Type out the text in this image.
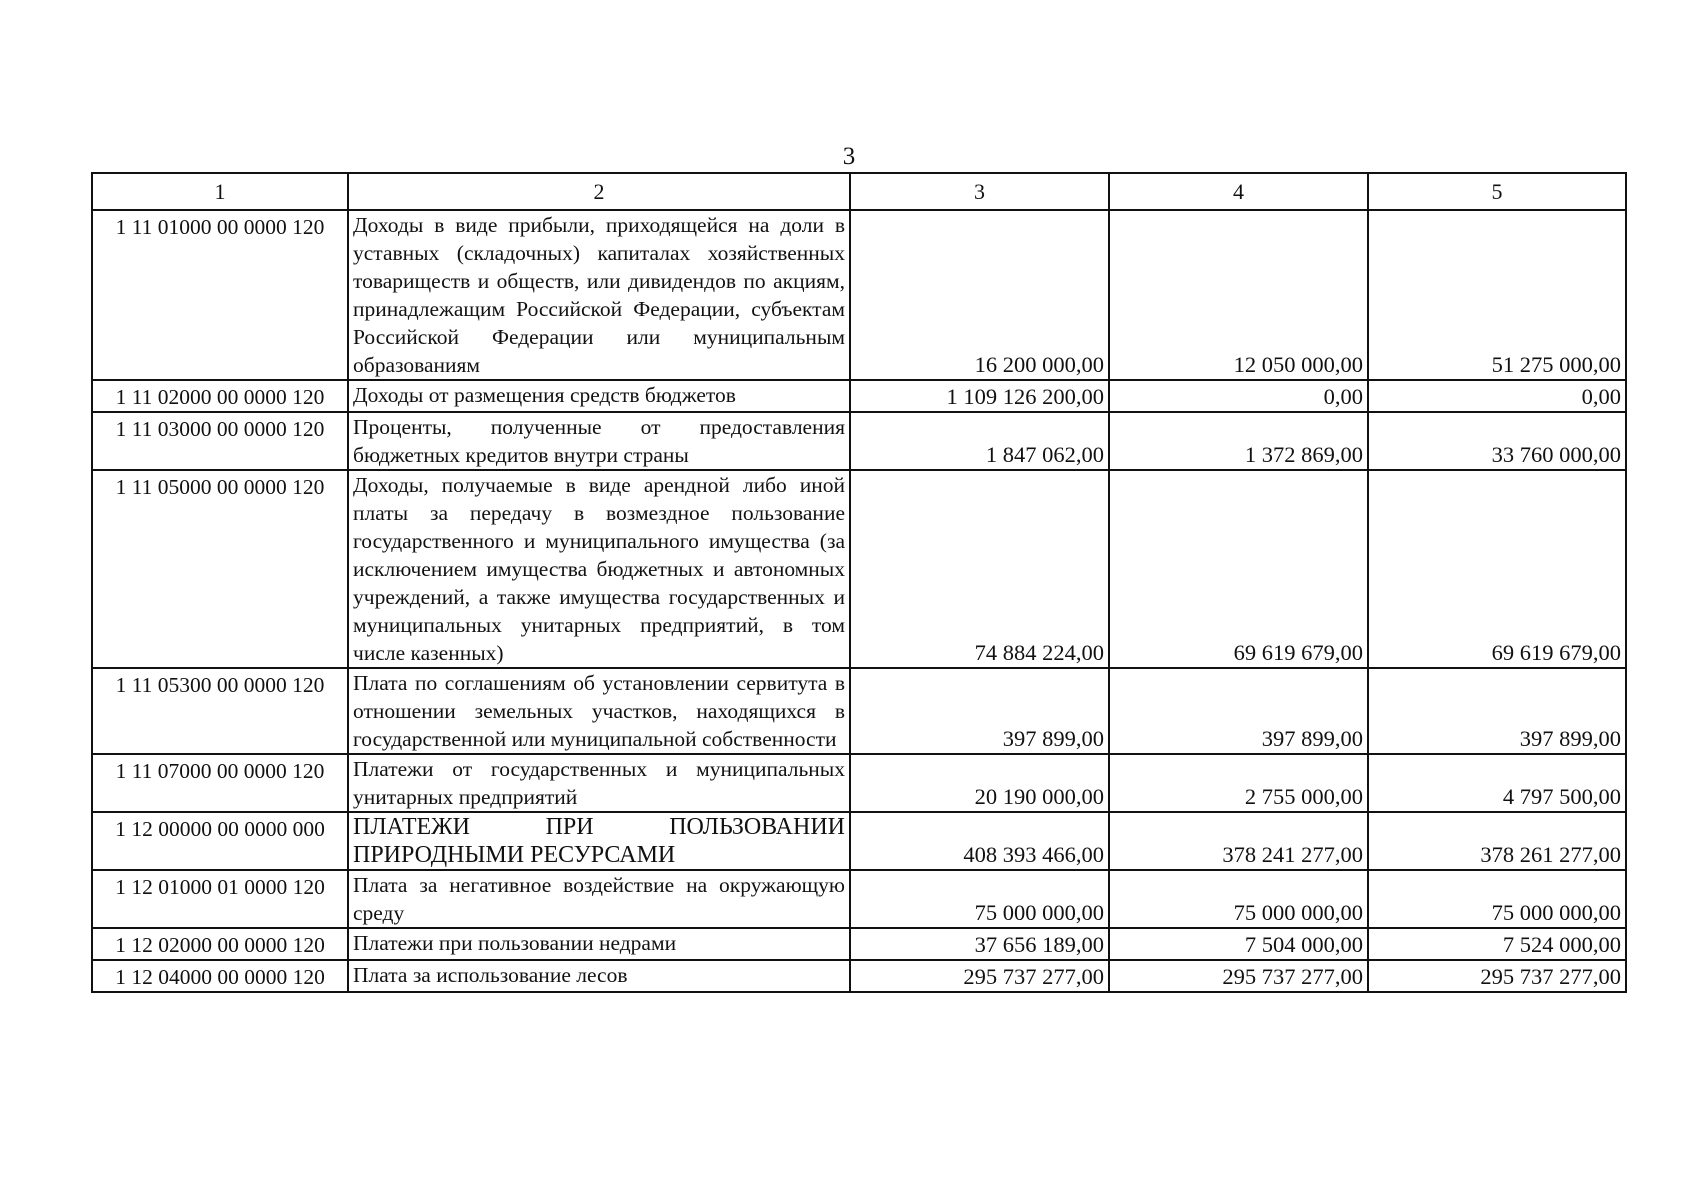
3
1	2	3	4	5
1 11 01000 00 0000 120	Доходы в виде прибыли, приходящейся на доли в уставных (складочных) капиталах хозяйственных товариществ и обществ, или дивидендов по акциям, принадлежащим Российской Федерации, субъектам Российской Федерации или муниципальным образованиям	16 200 000,00	12 050 000,00	51 275 000,00
1 11 02000 00 0000 120	Доходы от размещения средств бюджетов	1 109 126 200,00	0,00	0,00
1 11 03000 00 0000 120	Проценты, полученные от предоставления бюджетных кредитов внутри страны	1 847 062,00	1 372 869,00	33 760 000,00
1 11 05000 00 0000 120	Доходы, получаемые в виде арендной либо иной платы за передачу в возмездное пользование государственного и муниципального имущества (за исключением имущества бюджетных и автономных учреждений, а также имущества государственных и муниципальных унитарных предприятий, в том числе казенных)	74 884 224,00	69 619 679,00	69 619 679,00
1 11 05300 00 0000 120	Плата по соглашениям об установлении сервитута в отношении земельных участков, находящихся в государственной или муниципальной собственности	397 899,00	397 899,00	397 899,00
1 11 07000 00 0000 120	Платежи от государственных и муниципальных унитарных предприятий	20 190 000,00	2 755 000,00	4 797 500,00
1 12 00000 00 0000 000	ПЛАТЕЖИ ПРИ ПОЛЬЗОВАНИИ ПРИРОДНЫМИ РЕСУРСАМИ	408 393 466,00	378 241 277,00	378 261 277,00
1 12 01000 01 0000 120	Плата за негативное воздействие на окружающую среду	75 000 000,00	75 000 000,00	75 000 000,00
1 12 02000 00 0000 120	Платежи при пользовании недрами	37 656 189,00	7 504 000,00	7 524 000,00
1 12 04000 00 0000 120	Плата за использование лесов	295 737 277,00	295 737 277,00	295 737 277,00
